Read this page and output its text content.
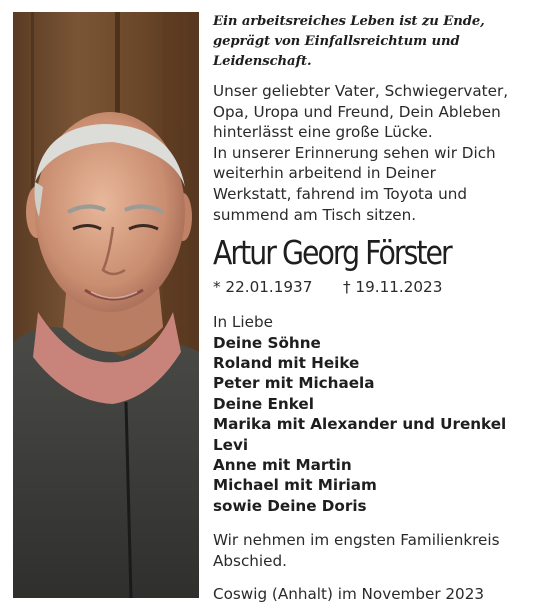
Ein arbeitsreiches Leben ist zu Ende,
geprägt von Einfallsreichtum und Leidenschaft.

Unser geliebter Vater, Schwiegervater,
Opa, Uropa und Freund, Dein Ableben
hinterlässt eine große Lücke.
In unserer Erinnerung sehen wir Dich
weiterhin arbeitend in Deiner
Werkstatt, fahrend im Toyota und
summend am Tisch sitzen.

Artur Georg Förster
* 22.01.1937	† 19.11.2023
In Liebe
Deine Söhne
Roland mit Heike
Peter mit Michaela
Deine Enkel
Marika mit Alexander und Urenkel
Levi
Anne mit Martin
Michael mit Miriam
sowie Deine Doris

Wir nehmen im engsten Familienkreis
Abschied.

Coswig (Anhalt) im November 2023
